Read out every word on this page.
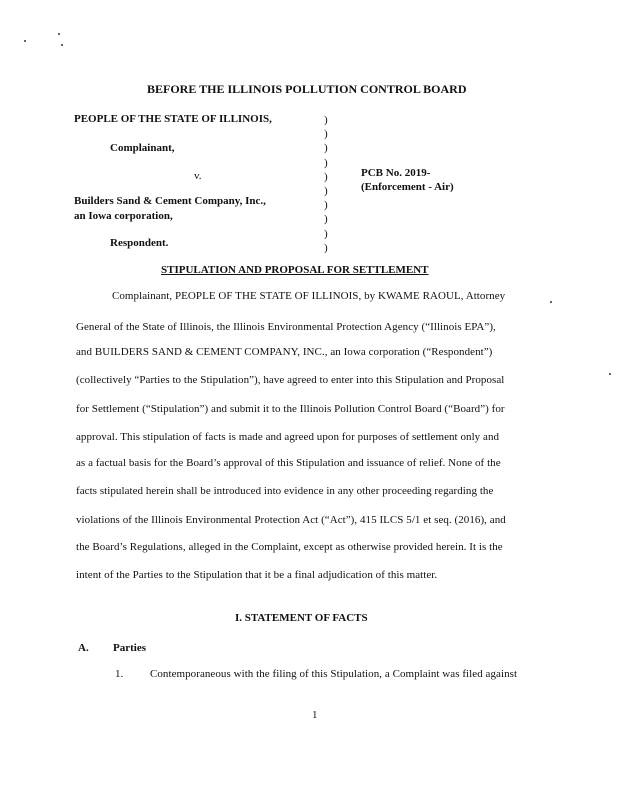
BEFORE THE ILLINOIS POLLUTION CONTROL BOARD
PEOPLE OF THE STATE OF ILLINOIS,
Complainant,
v.
Builders Sand & Cement Company, Inc.,
an Iowa corporation,
Respondent.
)
)
)
)
)
)
)
)
)
)
PCB No. 2019-
(Enforcement - Air)
STIPULATION AND PROPOSAL FOR SETTLEMENT
Complainant, PEOPLE OF THE STATE OF ILLINOIS, by KWAME RAOUL, Attorney
General of the State of Illinois, the Illinois Environmental Protection Agency (“Illinois EPA”),
and BUILDERS SAND & CEMENT COMPANY, INC., an Iowa corporation (“Respondent”)
(collectively “Parties to the Stipulation”), have agreed to enter into this Stipulation and Proposal
for Settlement (“Stipulation”) and submit it to the Illinois Pollution Control Board (“Board”) for
approval. This stipulation of facts is made and agreed upon for purposes of settlement only and
as a factual basis for the Board’s approval of this Stipulation and issuance of relief. None of the
facts stipulated herein shall be introduced into evidence in any other proceeding regarding the
violations of the Illinois Environmental Protection Act (“Act”), 415 ILCS 5/1 et seq. (2016), and
the Board’s Regulations, alleged in the Complaint, except as otherwise provided herein. It is the
intent of the Parties to the Stipulation that it be a final adjudication of this matter.
I. STATEMENT OF FACTS
A. Parties
1. Contemporaneous with the filing of this Stipulation, a Complaint was filed against
1
